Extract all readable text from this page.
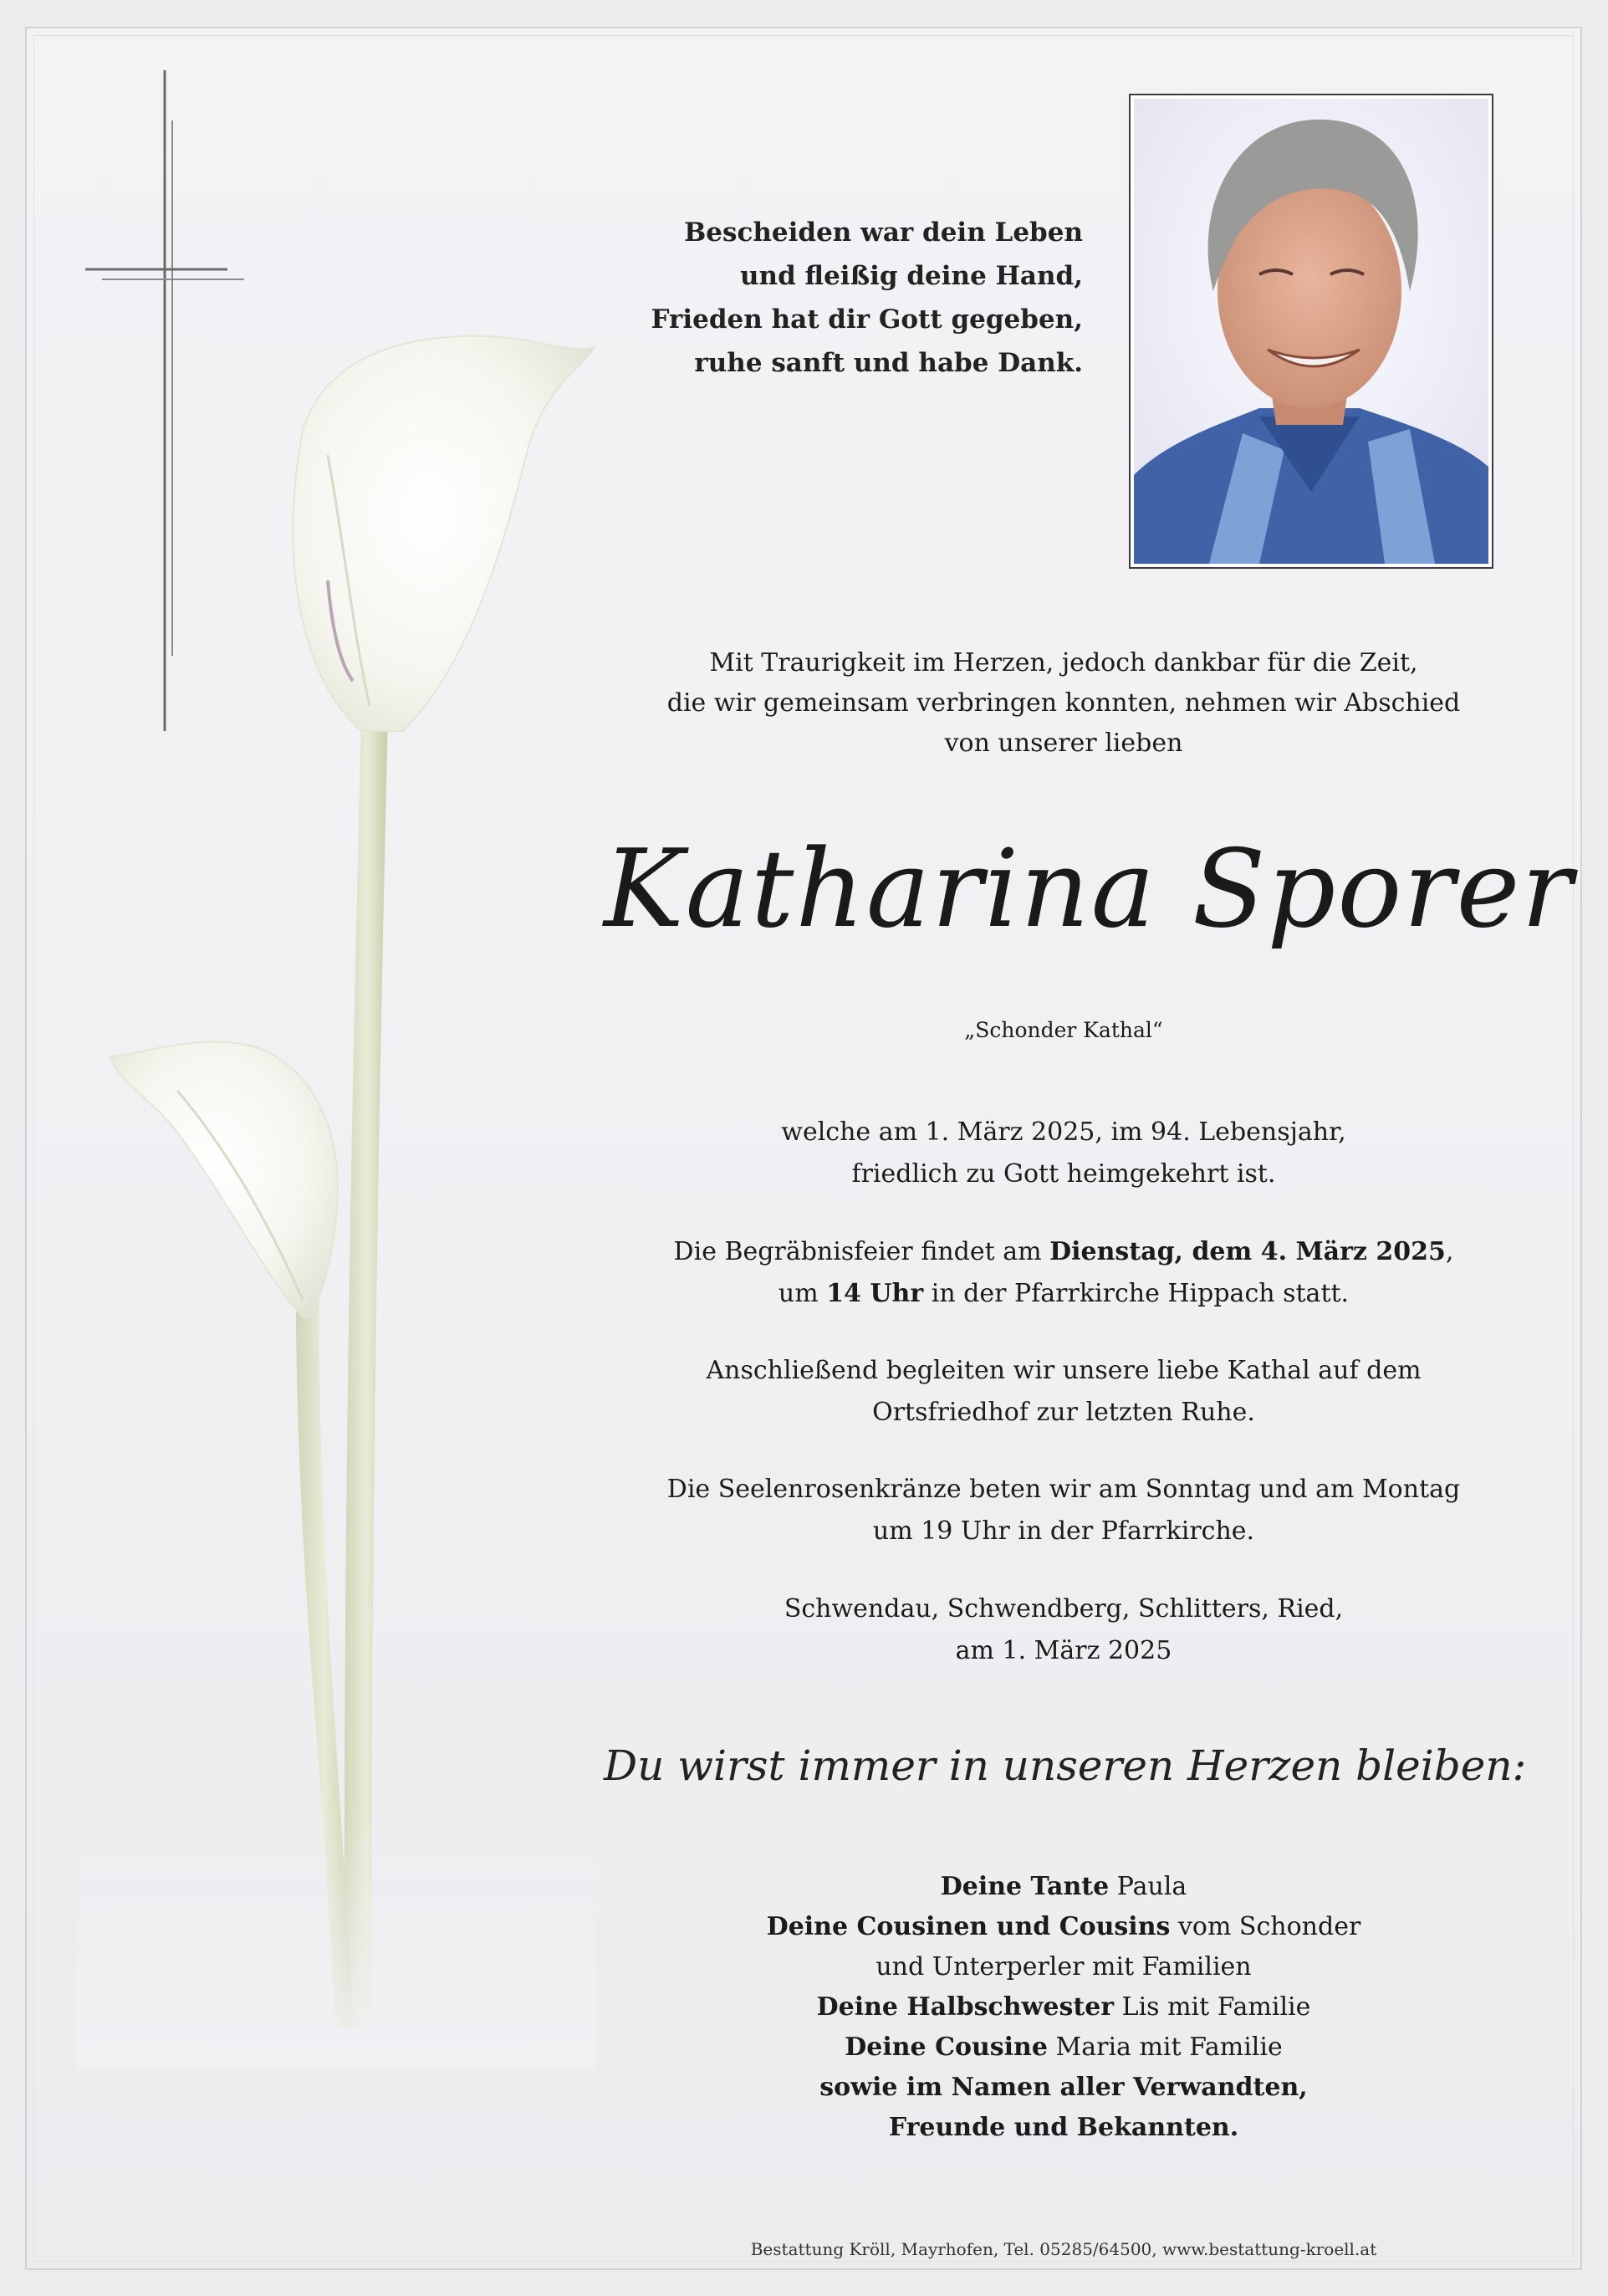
Bescheiden war dein Leben
und fleißig deine Hand,
Frieden hat dir Gott gegeben,
ruhe sanft und habe Dank.
Mit Traurigkeit im Herzen, jedoch dankbar für die Zeit,
die wir gemeinsam verbringen konnten, nehmen wir Abschied
von unserer lieben
Katharina Sporer
„Schonder Kathal“
welche am 1. März 2025, im 94. Lebensjahr,
friedlich zu Gott heimgekehrt ist.
Die Begräbnisfeier findet am Dienstag, dem 4. März 2025,
um 14 Uhr in der Pfarrkirche Hippach statt.
Anschließend begleiten wir unsere liebe Kathal auf dem
Ortsfriedhof zur letzten Ruhe.
Die Seelenrosenkränze beten wir am Sonntag und am Montag
um 19 Uhr in der Pfarrkirche.
Schwendau, Schwendberg, Schlitters, Ried,
am 1. März 2025
Du wirst immer in unseren Herzen bleiben:
Deine Tante Paula
Deine Cousinen und Cousins vom Schonder
und Unterperler mit Familien
Deine Halbschwester Lis mit Familie
Deine Cousine Maria mit Familie
sowie im Namen aller Verwandten,
Freunde und Bekannten.
Bestattung Kröll, Mayrhofen, Tel. 05285/64500, www.bestattung-kroell.at
